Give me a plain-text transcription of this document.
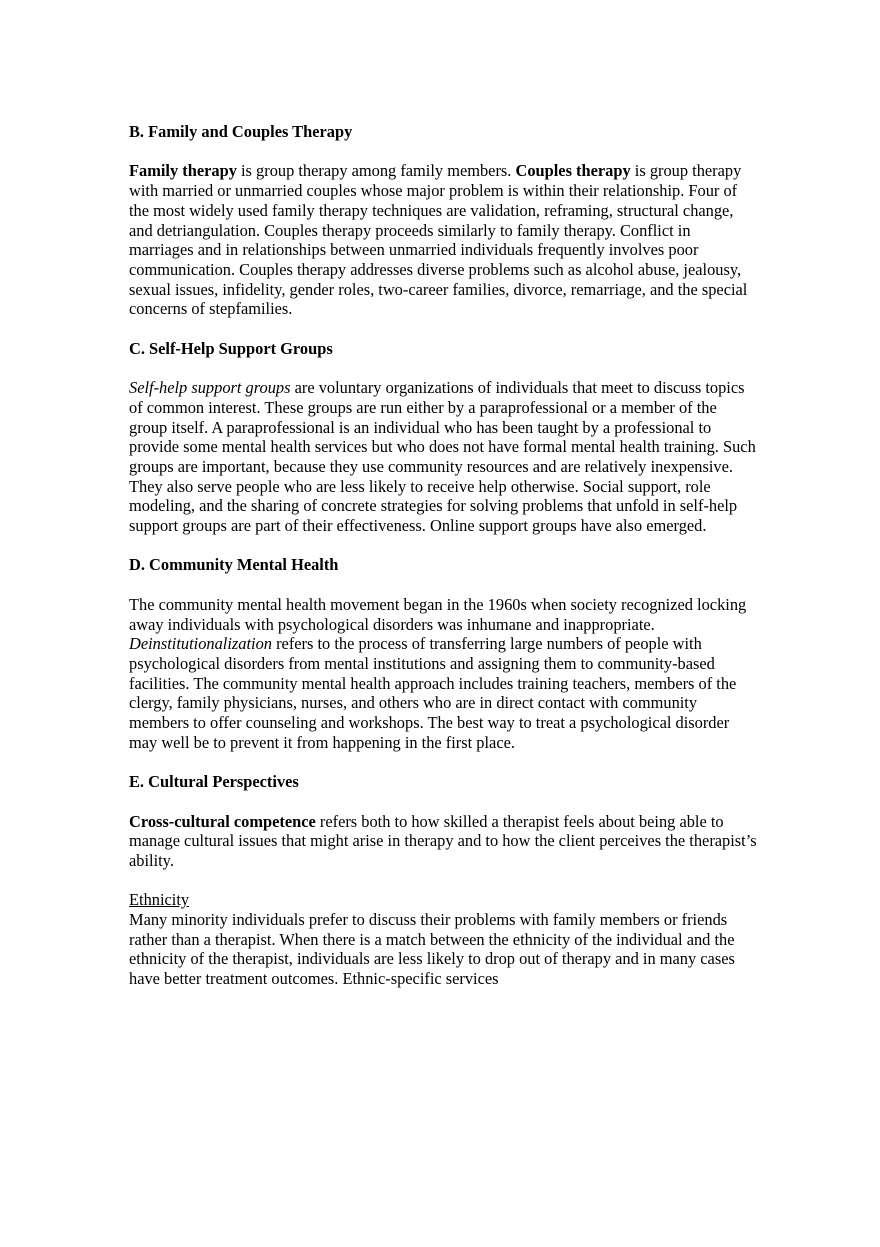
B. Family and Couples Therapy

Family therapy is group therapy among family members. Couples therapy is group therapy with married or unmarried couples whose major problem is within their relationship. Four of the most widely used family therapy techniques are validation, reframing, structural change, and detriangulation. Couples therapy proceeds similarly to family therapy. Conflict in marriages and in relationships between unmarried individuals frequently involves poor communication. Couples therapy addresses diverse problems such as alcohol abuse, jealousy, sexual issues, infidelity, gender roles, two-career families, divorce, remarriage, and the special concerns of stepfamilies.

C. Self-Help Support Groups

Self-help support groups are voluntary organizations of individuals that meet to discuss topics of common interest. These groups are run either by a paraprofessional or a member of the group itself. A paraprofessional is an individual who has been taught by a professional to provide some mental health services but who does not have formal mental health training. Such groups are important, because they use community resources and are relatively inexpensive. They also serve people who are less likely to receive help otherwise. Social support, role modeling, and the sharing of concrete strategies for solving problems that unfold in self-help support groups are part of their effectiveness. Online support groups have also emerged.

D. Community Mental Health

The community mental health movement began in the 1960s when society recognized locking away individuals with psychological disorders was inhumane and inappropriate. Deinstitutionalization refers to the process of transferring large numbers of people with psychological disorders from mental institutions and assigning them to community-based facilities. The community mental health approach includes training teachers, members of the clergy, family physicians, nurses, and others who are in direct contact with community members to offer counseling and workshops. The best way to treat a psychological disorder may well be to prevent it from happening in the first place.

E. Cultural Perspectives

Cross-cultural competence refers both to how skilled a therapist feels about being able to manage cultural issues that might arise in therapy and to how the client perceives the therapist’s ability.

Ethnicity

Many minority individuals prefer to discuss their problems with family members or friends rather than a therapist. When there is a match between the ethnicity of the individual and the ethnicity of the therapist, individuals are less likely to drop out of therapy and in many cases have better treatment outcomes. Ethnic-specific services
